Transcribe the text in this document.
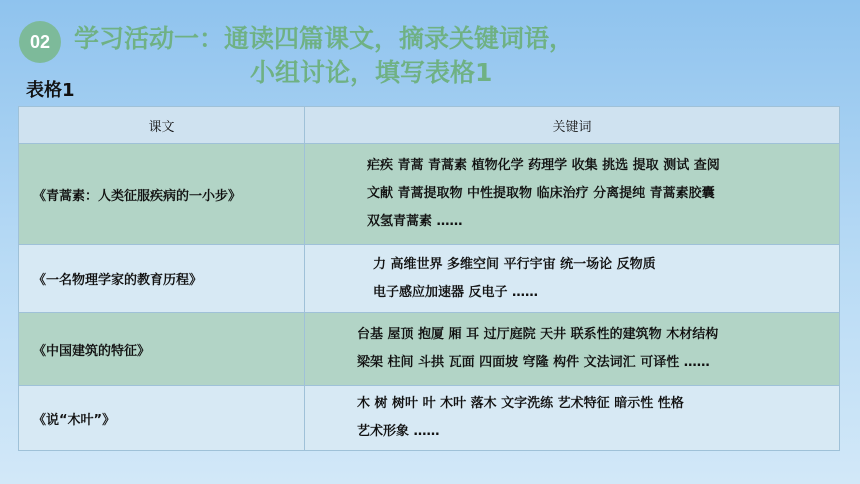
02 学习活动一：通读四篇课文，摘录关键词语，
小组讨论，填写表格1
表格1
课文	关键词
《青蒿素：人类征服疾病的一小步》	疟疾 青蒿 青蒿素 植物化学 药理学 收集 挑选 提取 测试 查阅
文献 青蒿提取物 中性提取物 临床治疗 分离提纯 青蒿素胶囊
双氢青蒿素 ……

《一名物理学家的教育历程》	力 高维世界 多维空间 平行宇宙 统一场论 反物质
电子感应加速器 反电子 ……

《中国建筑的特征》	台基 屋顶 抱厦 厢 耳 过厅庭院 天井 联系性的建筑物 木材结构
梁架 柱间 斗拱 瓦面 四面坡 穹隆 构件 文法词汇 可译性 ……

《说“木叶”》	木 树 树叶 叶 木叶 落木 文字洗练 艺术特征 暗示性 性格
艺术形象 ……
